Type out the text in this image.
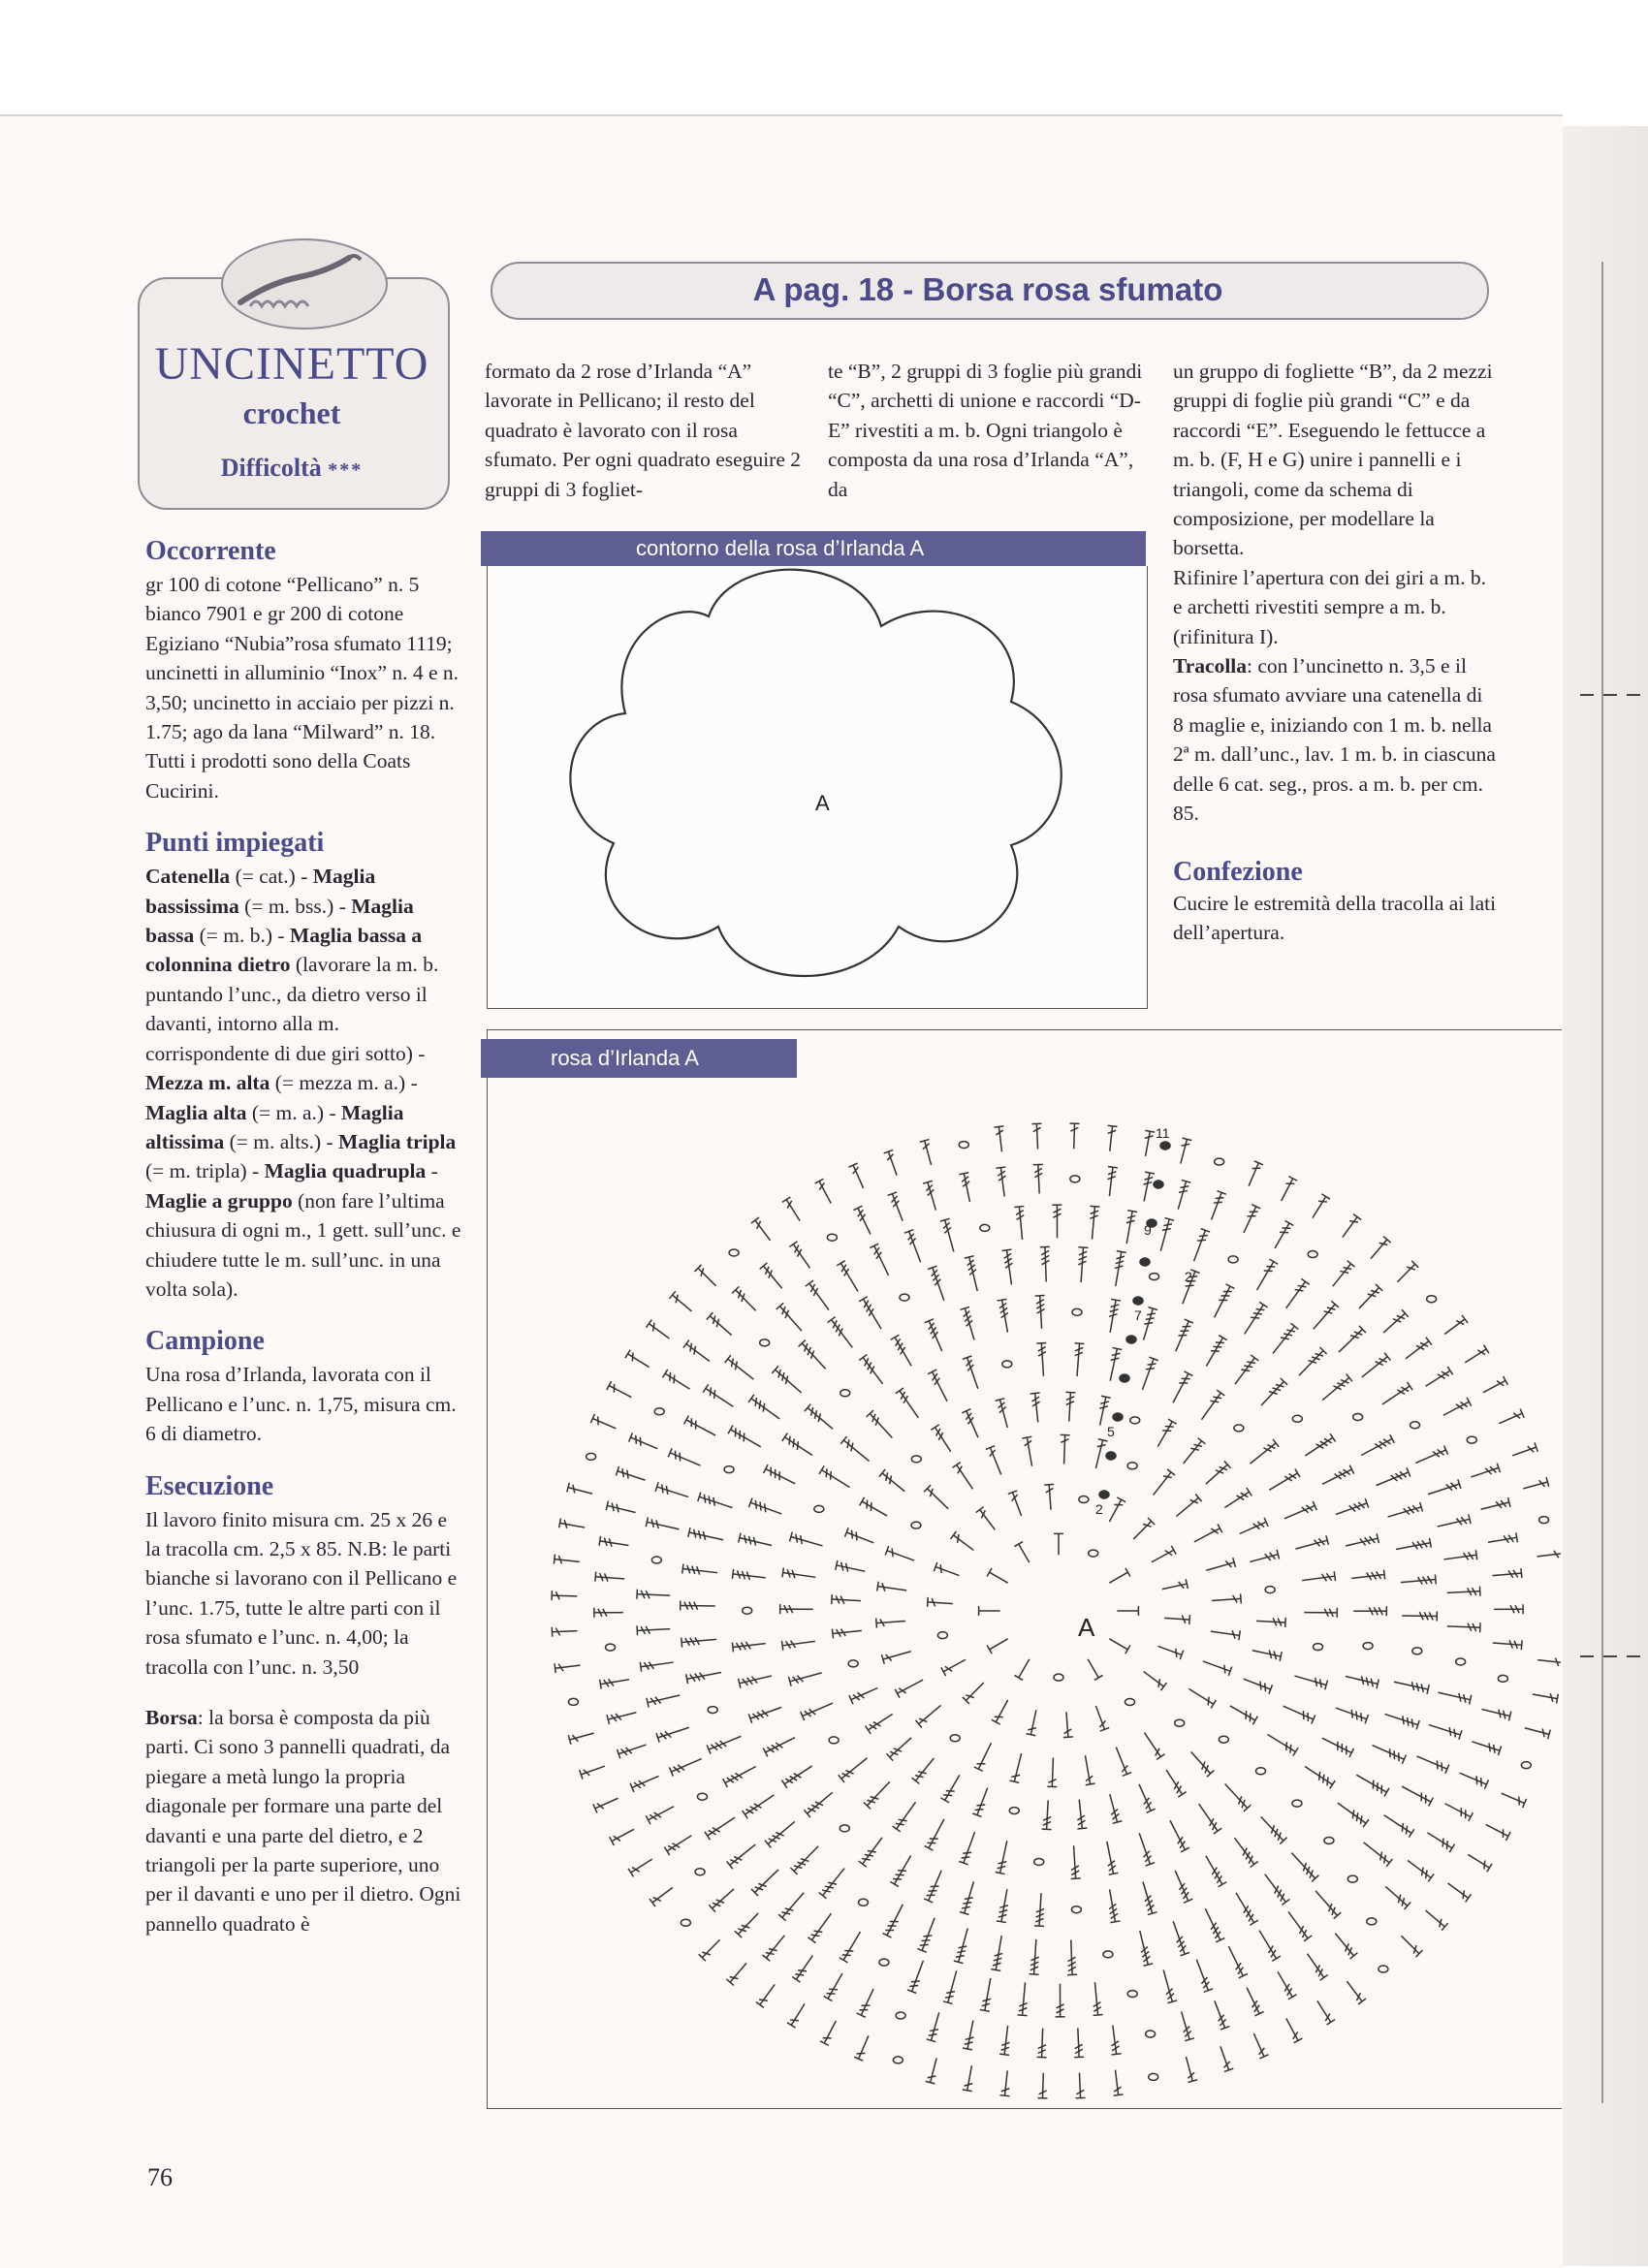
UNCINETTO
crochet
Difficoltà ***
A pag. 18 - Borsa rosa sfumato
Occorrente

gr 100 di cotone “Pellicano” n. 5 bianco 7901 e gr 200 di cotone Egiziano “Nubia”rosa sfumato 1119; uncinetti in alluminio “Inox” n. 4 e n. 3,50; uncinetto in acciaio per pizzi n. 1.75; ago da lana “Milward” n. 18. Tutti i prodotti sono della Coats Cucirini.

Punti impiegati

Catenella (= cat.) - Maglia bassissima (= m. bss.) - Maglia bassa (= m. b.) - Maglia bassa a colonnina dietro (lavorare la m. b. puntando l’unc., da dietro verso il davanti, intorno alla m. corrispondente di due giri sotto) - Mezza m. alta (= mezza m. a.) - Maglia alta (= m. a.) - Maglia altissima (= m. alts.) - Maglia tripla (= m. tripla) - Maglia quadrupla - Maglie a gruppo (non fare l’ultima chiusura di ogni m., 1 gett. sull’unc. e chiudere tutte le m. sull’unc. in una volta sola).

Campione

Una rosa d’Irlanda, lavorata con il Pellicano e l’unc. n. 1,75, misura cm. 6 di diametro.

Esecuzione

Il lavoro finito misura cm. 25 x 26 e la tracolla cm. 2,5 x 85. N.B: le parti bianche si lavorano con il Pellicano e l’unc. 1.75, tutte le altre parti con il rosa sfumato e l’unc. n. 4,00; la tracolla con l’unc. n. 3,50

Borsa: la borsa è composta da più parti. Ci sono 3 pannelli quadrati, da piegare a metà lungo la propria diagonale per formare una parte del davanti e una parte del dietro, e 2 triangoli per la parte superiore, uno per il davanti e uno per il dietro. Ogni pannello quadrato è

formato da 2 rose d’Irlanda “A” lavorate in Pellicano; il resto del quadrato è lavorato con il rosa sfumato. Per ogni quadrato eseguire 2 gruppi di 3 fogliet-

te “B”, 2 gruppi di 3 foglie più grandi “C”, archetti di unione e raccordi “D-E” rivestiti a m. b. Ogni triangolo è composta da una rosa d’Irlanda “A”, da

un gruppo di fogliette “B”, da 2 mezzi gruppi di foglie più grandi “C” e da raccordi “E”. Eseguendo le fettucce a m. b. (F, H e G) unire i pannelli e i triangoli, come da schema di composizione, per modellare la borsetta.

Rifinire l’apertura con dei giri a m. b. e archetti rivestiti sempre a m. b. (rifinitura I).

Tracolla: con l’uncinetto n. 3,5 e il rosa sfumato avviare una catenella di 8 maglie e, iniziando con 1 m. b. nella 2ª m. dall’unc., lav. 1 m. b. in ciascuna delle 6 cat. seg., pros. a m. b. per cm. 85.

Confezione

Cucire le estremità della tracolla ai lati dell’apertura.

A
contorno della rosa d’Irlanda A
A
11
9
7
5
2
2
rosa d’Irlanda A
76
